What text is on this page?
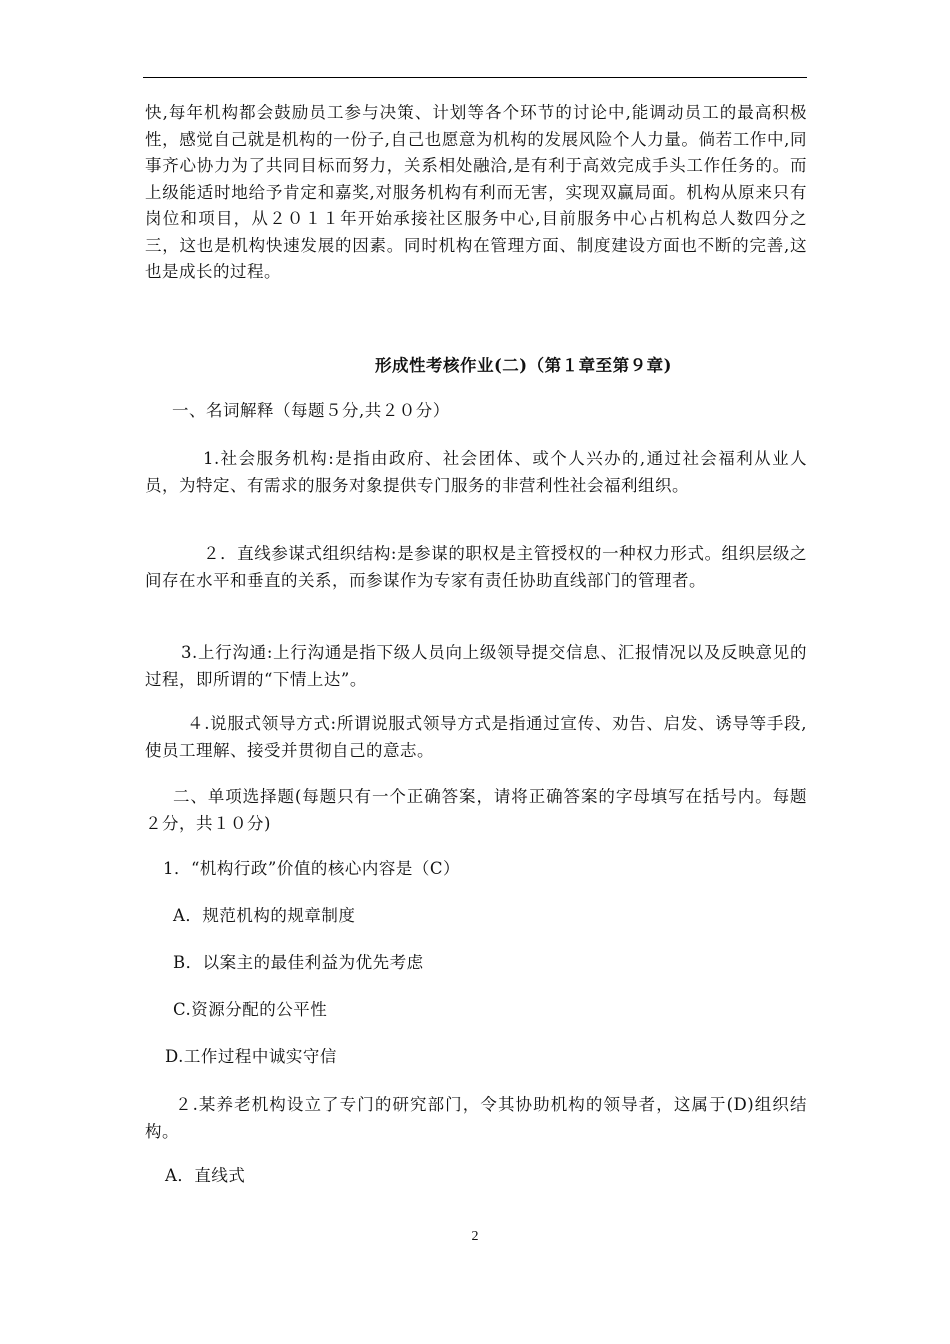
快,每年机构都会鼓励员工参与决策、计划等各个环节的讨论中,能调动员工的最高积极性，感觉自己就是机构的一份子,自己也愿意为机构的发展风险个人力量。倘若工作中,同事齐心协力为了共同目标而努力，关系相处融洽,是有利于高效完成手头工作任务的。而上级能适时地给予肯定和嘉奖,对服务机构有利而无害，实现双赢局面。机构从原来只有岗位和项目，从２０１１年开始承接社区服务中心,目前服务中心占机构总人数四分之三，这也是机构快速发展的因素。同时机构在管理方面、制度建设方面也不断的完善,这也是成长的过程。

形成性考核作业(二)（第１章至第９章)
一、名词解释（每题５分,共２０分）

1.社会服务机构:是指由政府、社会团体、或个人兴办的,通过社会福利从业人员，为特定、有需求的服务对象提供专门服务的非营利性社会福利组织。

２．直线参谋式组织结构:是参谋的职权是主管授权的一种权力形式。组织层级之间存在水平和垂直的关系，而参谋作为专家有责任协助直线部门的管理者。

3.上行沟通:上行沟通是指下级人员向上级领导提交信息、汇报情况以及反映意见的过程，即所谓的“下情上达”。

４.说服式领导方式:所谓说服式领导方式是指通过宣传、劝告、启发、诱导等手段,使员工理解、接受并贯彻自己的意志。

二、单项选择题(每题只有一个正确答案，请将正确答案的字母填写在括号内。每题２分，共１０分)

1．“机构行政”价值的核心内容是（C）
A．规范机构的规章制度
B．以案主的最佳利益为优先考虑
C.资源分配的公平性
D.工作过程中诚实守信

２.某养老机构设立了专门的研究部门，令其协助机构的领导者，这属于(D)组织结构。

A．直线式
2
